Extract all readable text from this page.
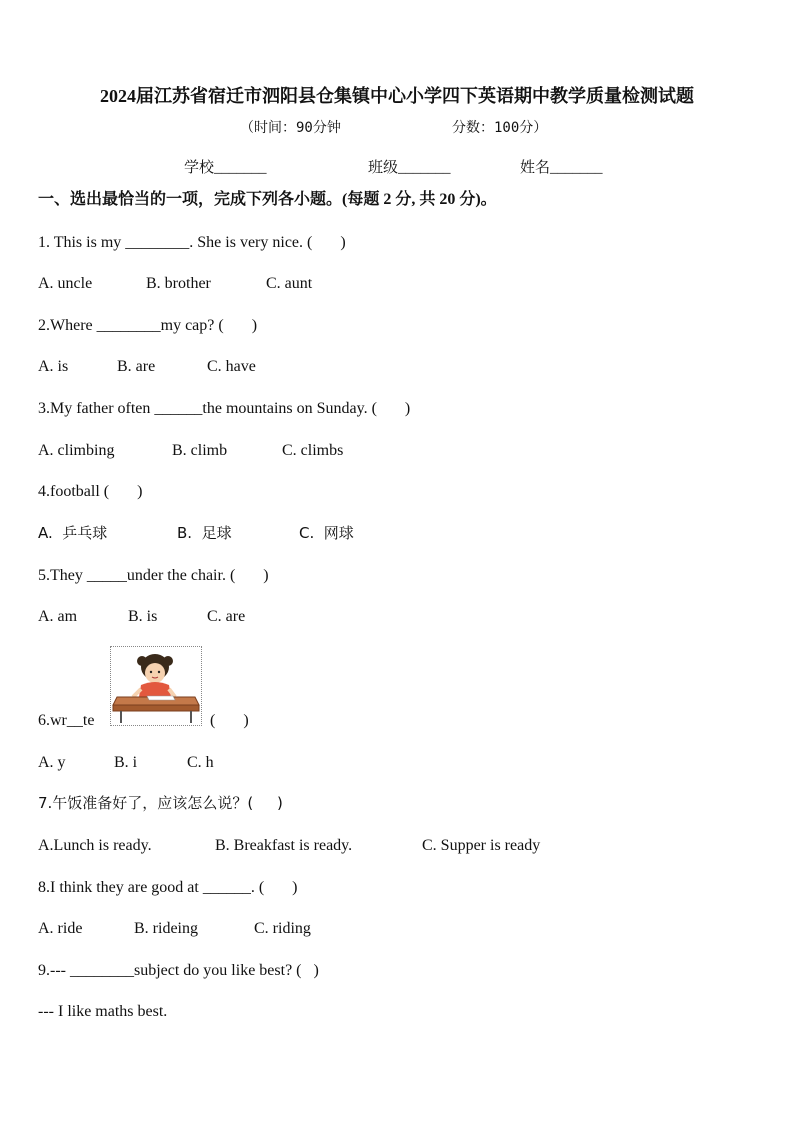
2024届江苏省宿迁市泗阳县仓集镇中心小学四下英语期中教学质量检测试题
（时间：90分钟	分数：100分）
学校_______	班级_______	姓名_______
一、选出最恰当的一项，完成下列各小题。(每题 2 分, 共 20 分)。
1. This is my ________. She is very nice. (       )
A. uncle	B. brother	C. aunt
2.Where ________my cap? (       )
A. is	B. are	C. have
3.My father often ______the mountains on Sunday. (       )
A. climbing	B. climb	C. climbs
4.football (       )
A.  乒乓球	B.  足球	C.  网球
5.They _____under the chair. (       )
A. am	B. is	C. are
6.wr__te	(       )
A. y	B. i	C. h
7.午饭准备好了，应该怎么说？(     )
A.Lunch is ready.	B. Breakfast is ready.	C. Supper is ready
8.I think they are good at ______. (       )
A. ride	B. rideing	C. riding
9.--- ________subject do you like best? (   )
--- I like maths best.
